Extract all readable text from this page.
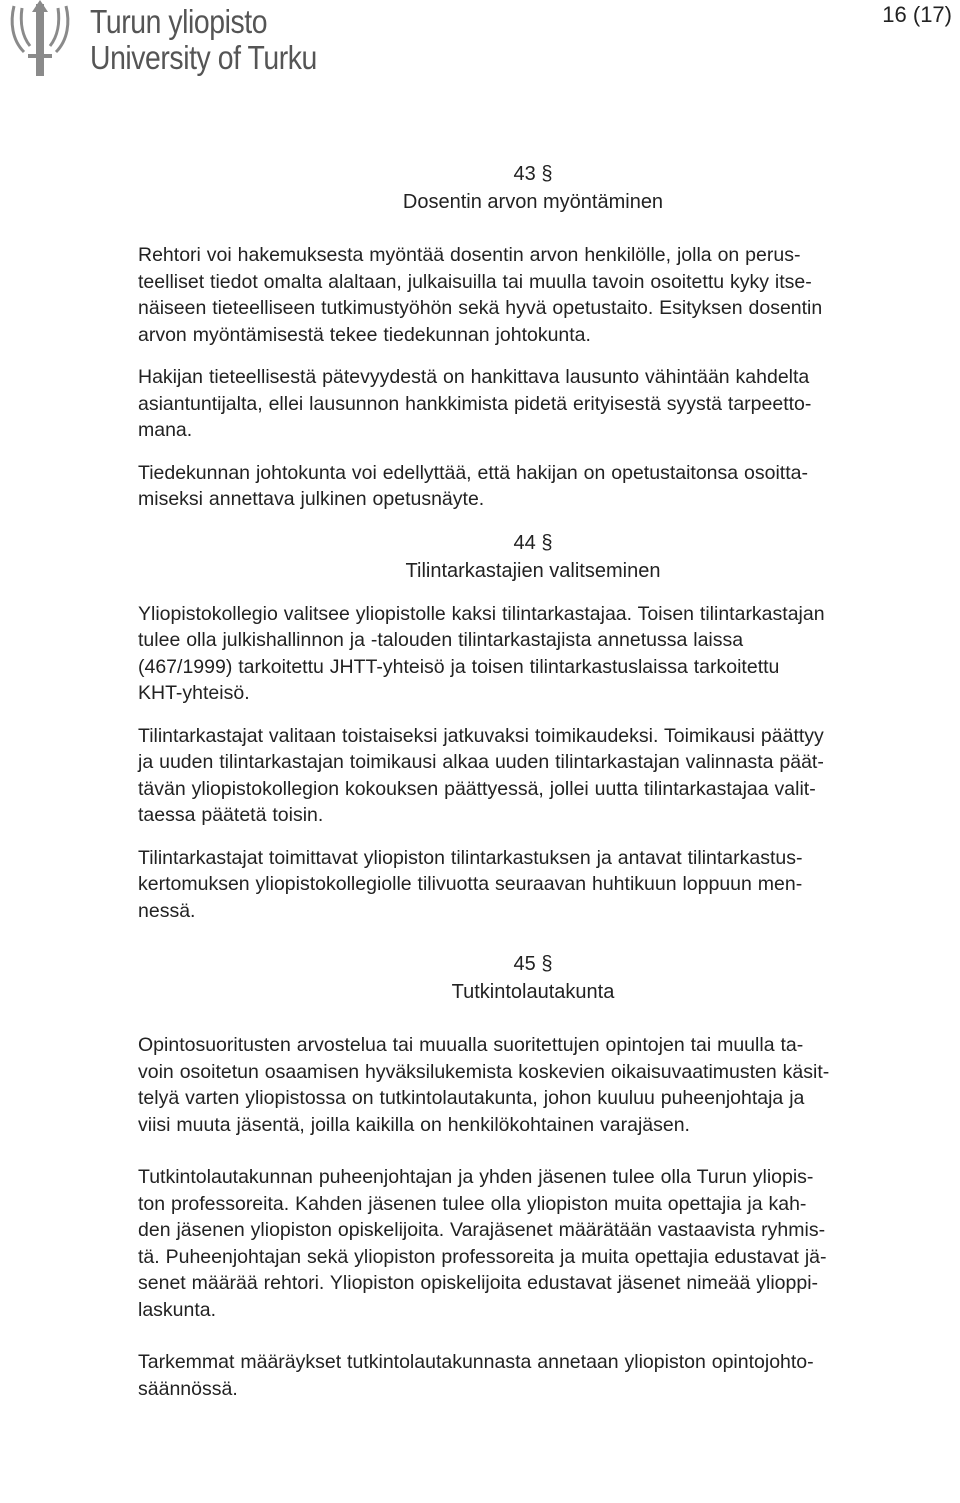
Turun yliopisto
University of Turku
16 (17)

43 §

Dosentin arvon myöntäminen

Rehtori voi hakemuksesta myöntää dosentin arvon henkilölle, jolla on perus-
teelliset tiedot omalta alaltaan, julkaisuilla tai muulla tavoin osoitettu kyky itse-
näiseen tieteelliseen tutkimustyöhön sekä hyvä opetustaito. Esityksen dosentin
arvon myöntämisestä tekee tiedekunnan johtokunta.

Hakijan tieteellisestä pätevyydestä on hankittava lausunto vähintään kahdelta
asiantuntijalta, ellei lausunnon hankkimista pidetä erityisestä syystä tarpeetto-
mana.

Tiedekunnan johtokunta voi edellyttää, että hakijan on opetustaitonsa osoitta-
miseksi annettava julkinen opetusnäyte.

44 §

Tilintarkastajien valitseminen

Yliopistokollegio valitsee yliopistolle kaksi tilintarkastajaa. Toisen tilintarkastajan
tulee olla julkishallinnon ja -talouden tilintarkastajista annetussa laissa
(467/1999) tarkoitettu JHTT-yhteisö ja toisen tilintarkastuslaissa tarkoitettu
KHT-yhteisö.

Tilintarkastajat valitaan toistaiseksi jatkuvaksi toimikaudeksi. Toimikausi päättyy
ja uuden tilintarkastajan toimikausi alkaa uuden tilintarkastajan valinnasta päät-
tävän yliopistokollegion kokouksen päättyessä, jollei uutta tilintarkastajaa valit-
taessa päätetä toisin.

Tilintarkastajat toimittavat yliopiston tilintarkastuksen ja antavat tilintarkastus-
kertomuksen yliopistokollegiolle tilivuotta seuraavan huhtikuun loppuun men-
nessä.

45 §

Tutkintolautakunta

Opintosuoritusten arvostelua tai muualla suoritettujen opintojen tai muulla ta-
voin osoitetun osaamisen hyväksilukemista koskevien oikaisuvaatimusten käsit-
telyä varten yliopistossa on tutkintolautakunta, johon kuuluu puheenjohtaja ja
viisi muuta jäsentä, joilla kaikilla on henkilökohtainen varajäsen.

Tutkintolautakunnan puheenjohtajan ja yhden jäsenen tulee olla Turun yliopis-
ton professoreita. Kahden jäsenen tulee olla yliopiston muita opettajia ja kah-
den jäsenen yliopiston opiskelijoita. Varajäsenet määrätään vastaavista ryhmis-
tä. Puheenjohtajan sekä yliopiston professoreita ja muita opettajia edustavat jä-
senet määrää rehtori. Yliopiston opiskelijoita edustavat jäsenet nimeää ylioppi-
laskunta.

Tarkemmat määräykset tutkintolautakunnasta annetaan yliopiston opintojohto-
säännössä.
